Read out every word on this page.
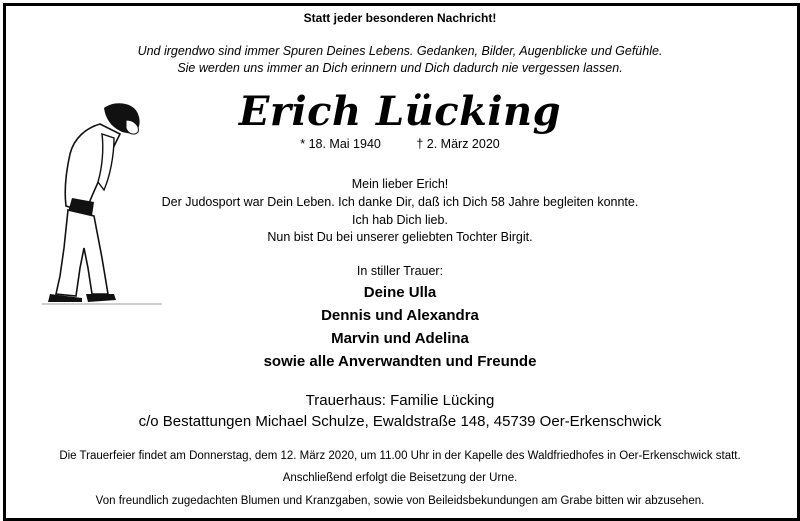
Statt jeder besonderen Nachricht!
Und irgendwo sind immer Spuren Deines Lebens. Gedanken, Bilder, Augenblicke und Gefühle.
Sie werden uns immer an Dich erinnern und Dich dadurch nie vergessen lassen.
Erich Lücking
* 18. Mai 1940	† 2. März 2020
Mein lieber Erich!
Der Judosport war Dein Leben. Ich danke Dir, daß ich Dich 58 Jahre begleiten konnte.
Ich hab Dich lieb.
Nun bist Du bei unserer geliebten Tochter Birgit.
In stiller Trauer:
Deine Ulla
Dennis und Alexandra
Marvin und Adelina
sowie alle Anverwandten und Freunde
Trauerhaus: Familie Lücking
c/o Bestattungen Michael Schulze, Ewaldstraße 148, 45739 Oer-Erkenschwick
Die Trauerfeier findet am Donnerstag, dem 12. März 2020, um 11.00 Uhr in der Kapelle des Waldfriedhofes in Oer-Erkenschwick statt.
Anschließend erfolgt die Beisetzung der Urne.
Von freundlich zugedachten Blumen und Kranzgaben, sowie von Beileidsbekundungen am Grabe bitten wir abzusehen.
